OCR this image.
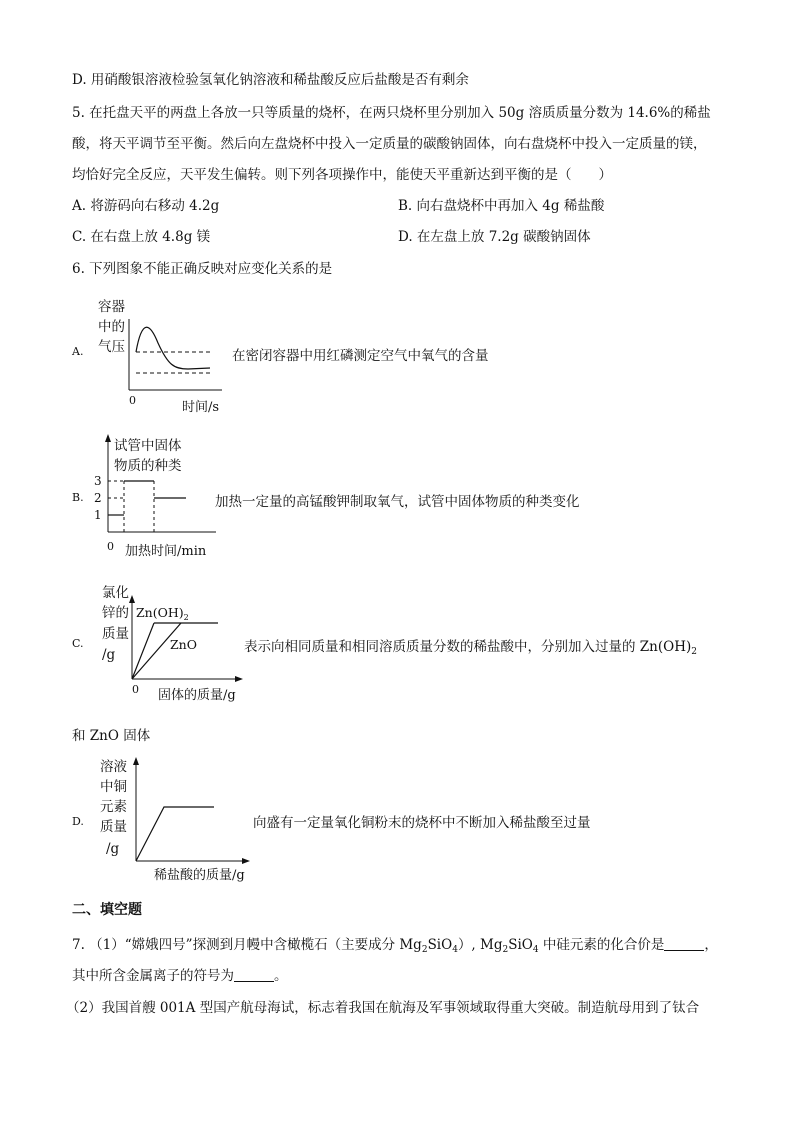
D. 用硝酸银溶液检验氢氧化钠溶液和稀盐酸反应后盐酸是否有剩余
5. 在托盘天平的两盘上各放一只等质量的烧杯，在两只烧杯里分别加入 50g 溶质质量分数为 14.6%的稀盐
酸，将天平调节至平衡。然后向左盘烧杯中投入一定质量的碳酸钠固体，向右盘烧杯中投入一定质量的镁，
均恰好完全反应，天平发生偏转。则下列各项操作中，能使天平重新达到平衡的是（　　）
A. 将游码向右移动 4.2g	B. 向右盘烧杯中再加入 4g 稀盐酸
C. 在右盘上放 4.8g 镁	D. 在左盘上放 7.2g 碳酸钠固体
6. 下列图象不能正确反映对应变化关系的是
A.
容器
中的
气压
0	时间/s
在密闭容器中用红磷测定空气中氧气的含量
B.
试管中固体
物质的种类
3
2
1
0 加热时间/min
加热一定量的高锰酸钾制取氧气，试管中固体物质的种类变化
C.
氯化
锌的
质量
/g
$Zn(OH)_2$
ZnO
0 固体的质量/g
表示向相同质量和相同溶质质量分数的稀盐酸中，分别加入过量的 $Zn(OH)_2$
和 ZnO 固体
D.
溶液
中铜
元素
质量
/g
稀盐酸的质量/g
向盛有一定量氧化铜粉末的烧杯中不断加入稀盐酸至过量
二、填空题
7. （1）“嫦娥四号”探测到月幔中含橄榄石（主要成分 $Mg_2SiO_4$）, $Mg_2SiO_4$ 中硅元素的化合价是	，
其中所含金属离子的符号为	。
（2）我国首艘 001A 型国产航母海试，标志着我国在航海及军事领域取得重大突破。制造航母用到了钛合
